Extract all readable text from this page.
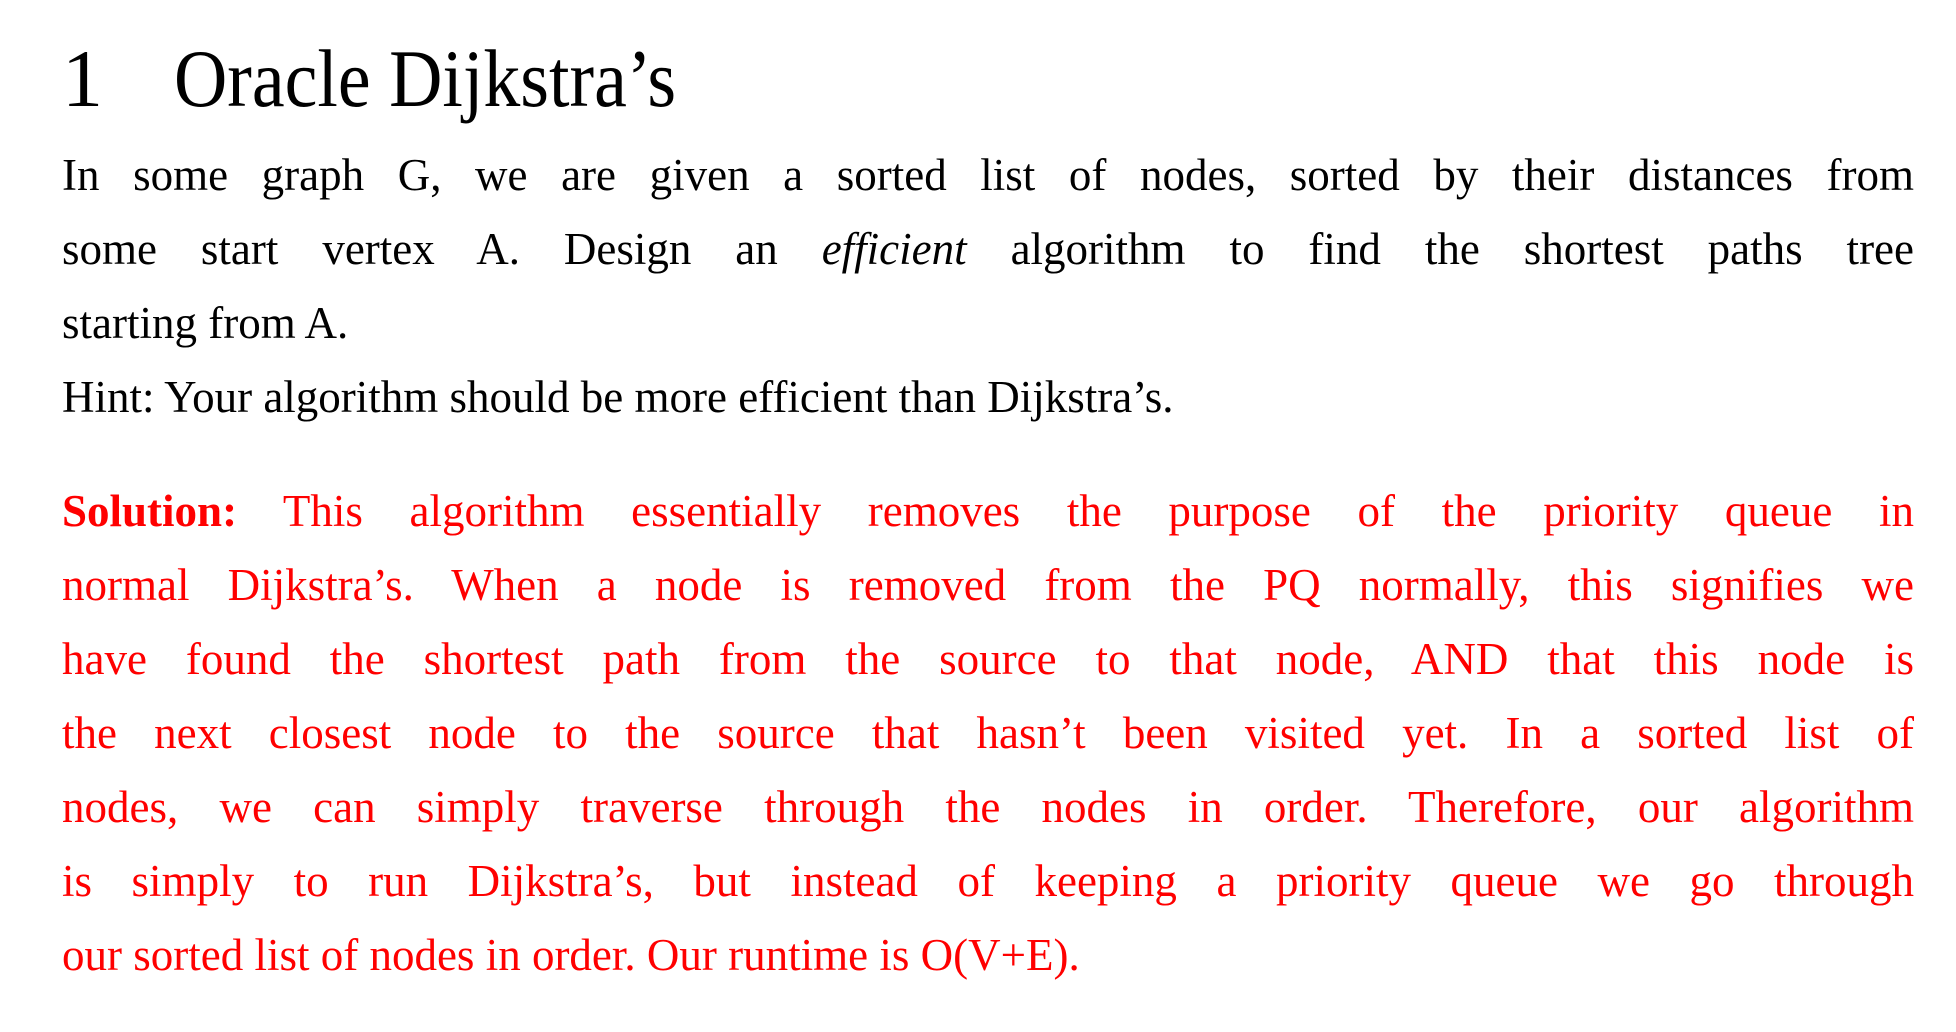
1 Oracle Dijkstra’s
In some graph G, we are given a sorted list of nodes, sorted by their distances from
some start vertex A. Design an efficient algorithm to find the shortest paths tree
starting from A.

Hint: Your algorithm should be more efficient than Dijkstra’s.

Solution: This algorithm essentially removes the purpose of the priority queue in
normal Dijkstra’s. When a node is removed from the PQ normally, this signifies we
have found the shortest path from the source to that node, AND that this node is
the next closest node to the source that hasn’t been visited yet. In a sorted list of
nodes, we can simply traverse through the nodes in order. Therefore, our algorithm
is simply to run Dijkstra’s, but instead of keeping a priority queue we go through
our sorted list of nodes in order. Our runtime is O(V+E).
